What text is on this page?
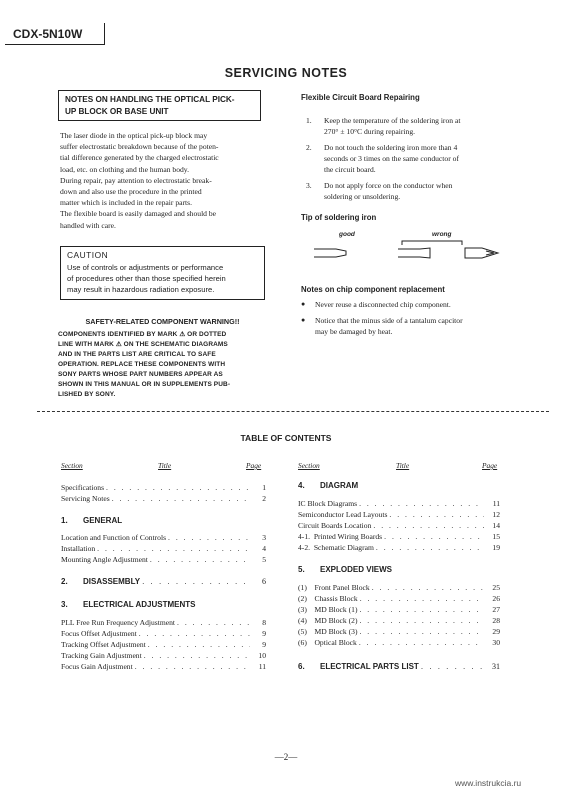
CDX-5N10W
SERVICING NOTES
NOTES ON HANDLING THE OPTICAL PICK-
UP BLOCK OR BASE UNIT
The laser diode in the optical pick-up block may
suffer electrostatic breakdown because of the poten-
tial difference generated by the charged electrostatic
load, etc. on clothing and the human body.
During repair, pay attention to electrostatic break-
down and also use the procedure in the printed
matter which is included in the repair parts.
The flexible board is easily damaged and should be
handled with care.
CAUTION
Use of controls or adjustments or performance
of procedures other than those specified herein
may result in hazardous radiation exposure.
SAFETY-RELATED COMPONENT WARNING!!
COMPONENTS IDENTIFIED BY MARK ⚠ OR DOTTED
LINE WITH MARK ⚠ ON THE SCHEMATIC DIAGRAMS
AND IN THE PARTS LIST ARE CRITICAL TO SAFE
OPERATION. REPLACE THESE COMPONENTS WITH
SONY PARTS WHOSE PART NUMBERS APPEAR AS
SHOWN IN THIS MANUAL OR IN SUPPLEMENTS PUB-
LISHED BY SONY.
Flexible Circuit Board Repairing
1. Keep the temperature of the soldering iron at
270° ± 10°C during repairing.
2. Do not touch the soldering iron more than 4
seconds or 3 times on the same conductor of
the circuit board.
3. Do not apply force on the conductor when
soldering or unsoldering.
Tip of soldering iron
good	wrong
Notes on chip component replacement
● Never reuse a disconnected chip component.
● Notice that the minus side of a tantalum capcitor
may be damaged by heat.
TABLE OF CONTENTS
Section	Title	Page	Section	Title	Page
Specifications . . .	1
Servicing Notes . . .	2
1.	GENERAL
Location and Function of Controls . . .	3
Installation . . .	4
Mounting Angle Adjustment . . .	5
2.	DISASSEMBLY . . .	6
3.	ELECTRICAL ADJUSTMENTS
PLL Free Run Frequency Adjustment . . .	8
Focus Offset Adjustment . . .	9
Tracking Offset Adjustment . . .	9
Tracking Gain Adjustment . . .	10
Focus Gain Adjustment . . .	11
4.	DIAGRAM
IC Block Diagrams . . .	11
Semiconductor Lead Layouts . . .	12
Circuit Boards Location . . .	14
4-1.  Printed Wiring Boards . . .	15
4-2.  Schematic Diagram . . .	19
5.	EXPLODED VIEWS
(1)    Front Panel Block . . .	25
(2)    Chassis Block . . .	26
(3)    MD Block (1) . . .	27
(4)    MD Block (2) . . .	28
(5)    MD Block (3) . . .	29
(6)    Optical Block . . .	30
6.	ELECTRICAL PARTS LIST . . .	31
—2—
www.instrukcia.ru
